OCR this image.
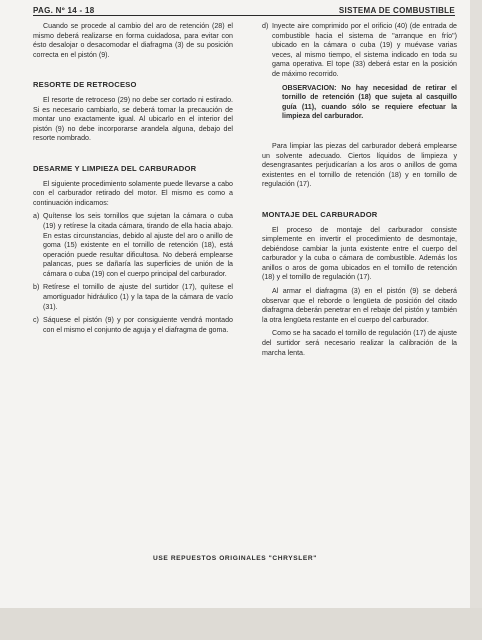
PAG. Nº 14 - 18	SISTEMA DE COMBUSTIBLE

Cuando se procede al cambio del aro de retención (28) el mismo deberá realizarse en forma cuidadosa, para evitar con ésto desalojar o desacomodar el diafragma (3) de su posición correcta en el pistón (9).

RESORTE DE RETROCESO

El resorte de retroceso (29) no debe ser cortado ni estirado. Si es necesario cambiarlo, se deberá tomar la precaución de montar uno exactamente igual. Al ubicarlo en el interior del pistón (9) no debe incorporarse arandela alguna, debajo del resorte nombrado.

DESARME Y LIMPIEZA DEL CARBURADOR

El siguiente procedimiento solamente puede llevarse a cabo con el carburador retirado del motor. El mismo es como a continuación indicamos:

a) Quítense los seis tornillos que sujetan la cámara o cuba (19) y retírese la citada cámara, tirando de ella hacia abajo. En estas circunstancias, debido al ajuste del aro o anillo de goma (15) existente en el tornillo de retención (18), está operación puede resultar dificultosa. No deberá emplearse palancas, pues se dañaría las superficies de unión de la cámara o cuba (19) con el cuerpo principal del carburador.
b) Retírese el tornillo de ajuste del surtidor (17), quítese el amortiguador hidráulico (1) y la tapa de la cámara de vacío (31).
c) Sáquese el pistón (9) y por consiguiente vendrá montado con el mismo el conjunto de aguja y el diafragma de goma.
d) Inyecte aire comprimido por el orificio (40) (de entrada de combustible hacia el sistema de "arranque en frío") ubicado en la cámara o cuba (19) y muévase varias veces, al mismo tiempo, el sistema indicado en toda su gama operativa. El tope (33) deberá estar en la posición de máximo recorrido.

OBSERVACION: No hay necesidad de retirar el tornillo de retención (18) que sujeta al casquillo guía (11), cuando sólo se requiere efectuar la limpieza del carburador.

Para limpiar las piezas del carburador deberá emplearse un solvente adecuado. Ciertos líquidos de limpieza y desengrasantes perjudicarían a los aros o anillos de goma existentes en el tornillo de retención (18) y en tornillo de regulación (17).

MONTAJE DEL CARBURADOR

El proceso de montaje del carburador consiste simplemente en invertir el procedimiento de desmontaje, debiéndose cambiar la junta existente entre el cuerpo del carburador y la cuba o cámara de combustible. Además los anillos o aros de goma ubicados en el tornillo de retención (18) y el tornillo de regulación (17).

Al armar el diafragma (3) en el pistón (9) se deberá observar que el reborde o lengüeta de posición del citado diafragma deberán penetrar en el rebaje del pistón y también la otra lengüeta restante en el cuerpo del carburador.

Como se ha sacado el tornillo de regulación (17) de ajuste del surtidor será necesario realizar la calibración de la marcha lenta.

USE REPUESTOS ORIGINALES "CHRYSLER"
